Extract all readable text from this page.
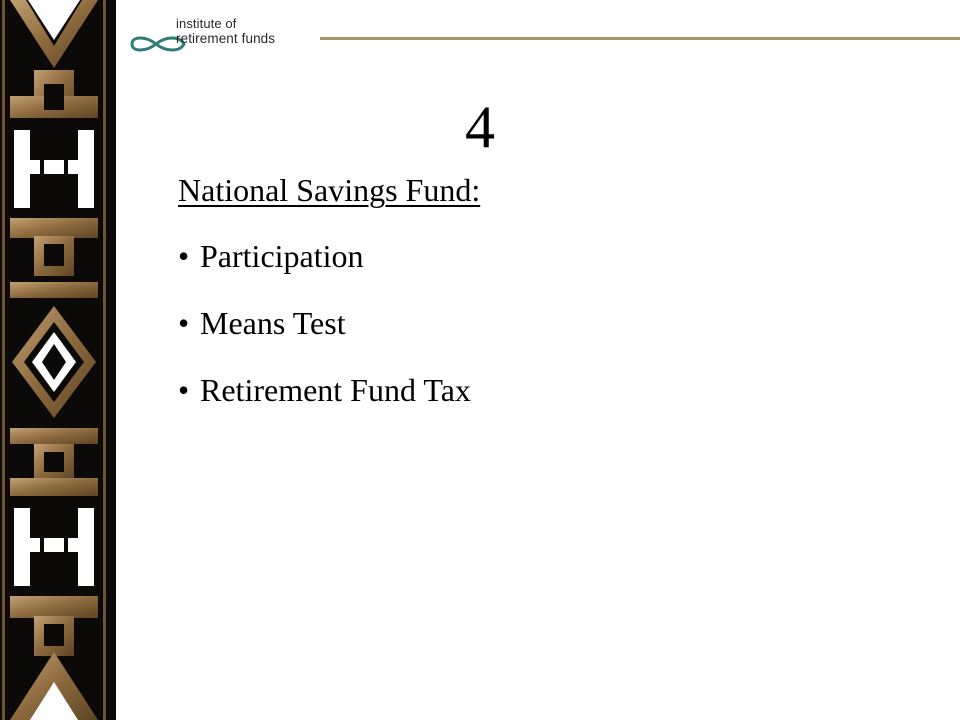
institute of
retirement funds
4
National Savings Fund:
• Participation
• Means Test
• Retirement Fund Tax
